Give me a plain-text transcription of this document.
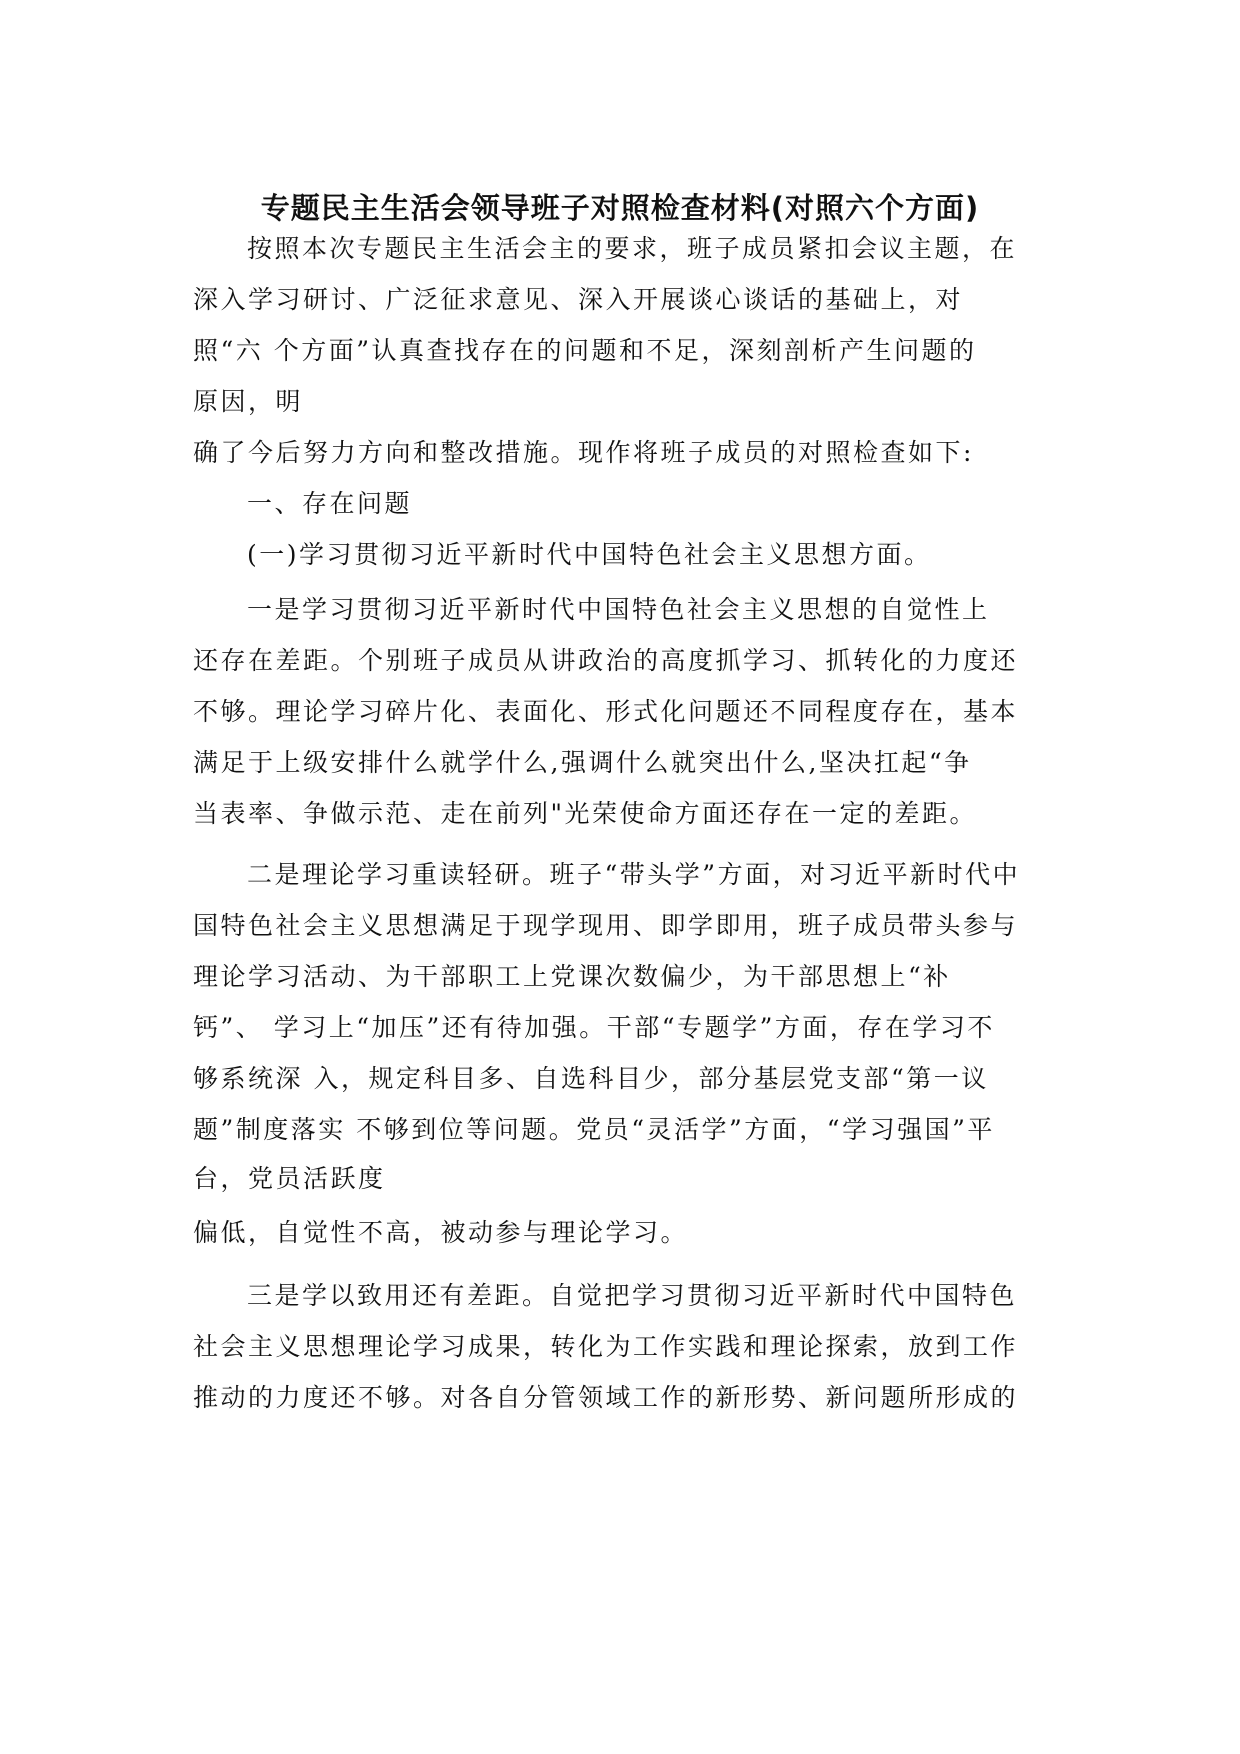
专题民主生活会领导班子对照检查材料(对照六个方面)
按照本次专题民主生活会主的要求，班子成员紧扣会议主题，在
深入学习研讨、广泛征求意见、深入开展谈心谈话的基础上，对
照“六 个方面”认真查找存在的问题和不足，深刻剖析产生问题的
原因，明
确了今后努力方向和整改措施。现作将班子成员的对照检查如下:
一、存在问题
(一)学习贯彻习近平新时代中国特色社会主义思想方面。
一是学习贯彻习近平新时代中国特色社会主义思想的自觉性上
还存在差距。个别班子成员从讲政治的高度抓学习、抓转化的力度还
不够。理论学习碎片化、表面化、形式化问题还不同程度存在，基本
满足于上级安排什么就学什么,强调什么就突出什么,坚决扛起“争
当表率、争做示范、走在前列"光荣使命方面还存在一定的差距。
二是理论学习重读轻研。班子“带头学”方面，对习近平新时代中
国特色社会主义思想满足于现学现用、即学即用，班子成员带头参与
理论学习活动、为干部职工上党课次数偏少，为干部思想上“补
钙”、 学习上“加压”还有待加强。干部“专题学”方面，存在学习不
够系统深 入，规定科目多、自选科目少，部分基层党支部“第一议
题”制度落实 不够到位等问题。党员“灵活学”方面，“学习强国”平
台，党员活跃度
偏低，自觉性不高，被动参与理论学习。
三是学以致用还有差距。自觉把学习贯彻习近平新时代中国特色
社会主义思想理论学习成果，转化为工作实践和理论探索，放到工作
推动的力度还不够。对各自分管领域工作的新形势、新问题所形成的
